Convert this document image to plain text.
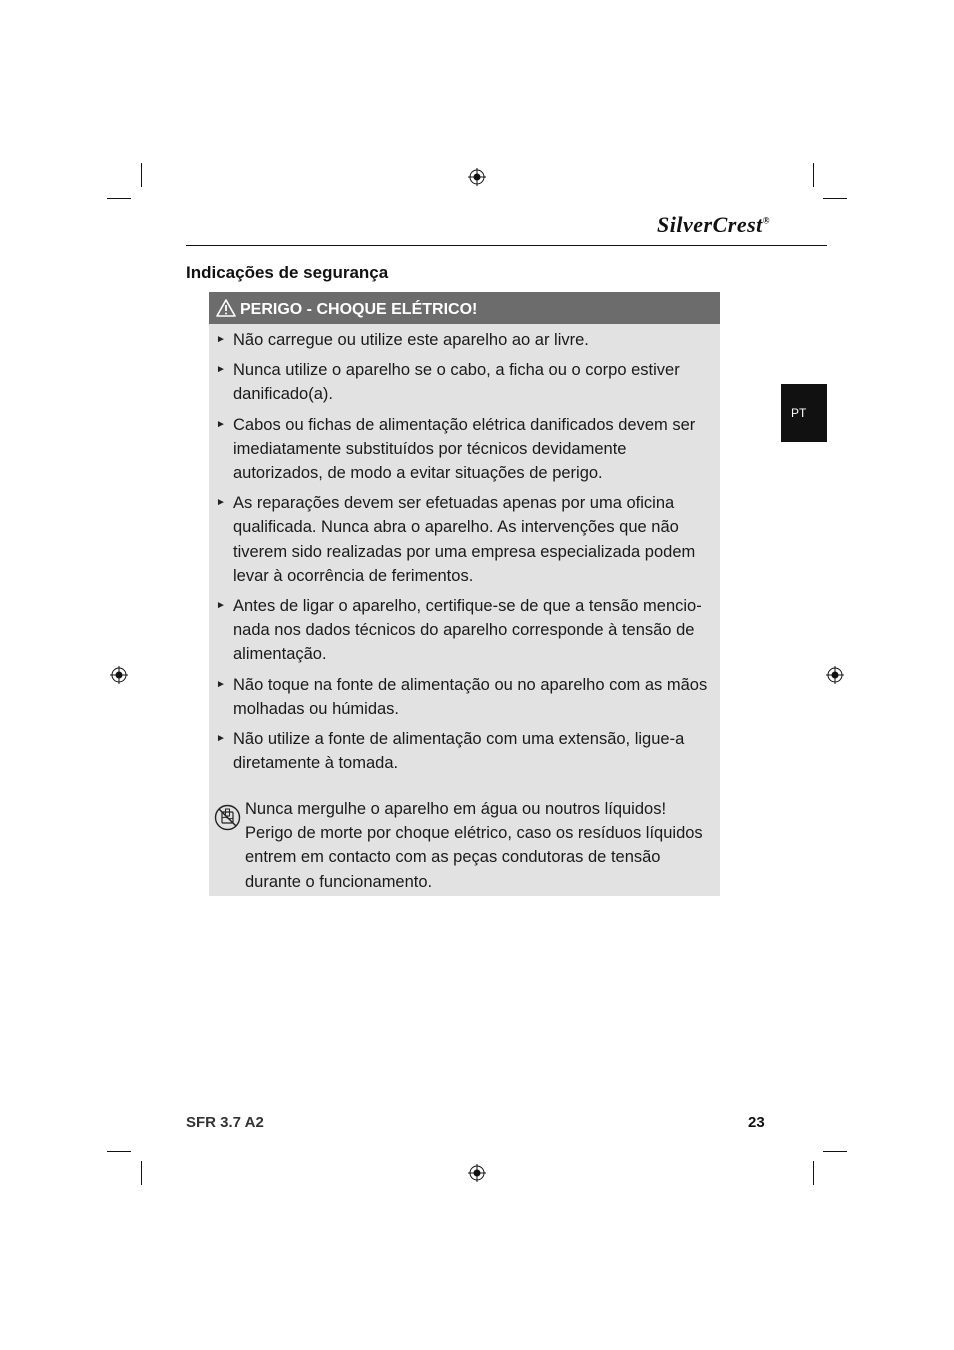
SilverCrest®
Indicações de segurança
PT
PERIGO - CHOQUE ELÉTRICO!
► Não carregue ou utilize este aparelho ao ar livre.
► Nunca utilize o aparelho se o cabo, a ficha ou o corpo estiver danificado(a).
► Cabos ou fichas de alimentação elétrica danificados devem ser imediatamente substituídos por técnicos devidamente autorizados, de modo a evitar situações de perigo.
► As reparações devem ser efetuadas apenas por uma oficina qualificada. Nunca abra o aparelho. As intervenções que não tiverem sido realizadas por uma empresa especializada podem levar à ocorrência de ferimentos.
► Antes de ligar o aparelho, certifique-se de que a tensão mencio-nada nos dados técnicos do aparelho corresponde à tensão de alimentação.
► Não toque na fonte de alimentação ou no aparelho com as mãos molhadas ou húmidas.
► Não utilize a fonte de alimentação com uma extensão, ligue-a diretamente à tomada.
Nunca mergulhe o aparelho em água ou noutros líquidos! Perigo de morte por choque elétrico, caso os resíduos líquidos entrem em contacto com as peças condutoras de tensão durante o funcionamento.
SFR 3.7 A2	23
